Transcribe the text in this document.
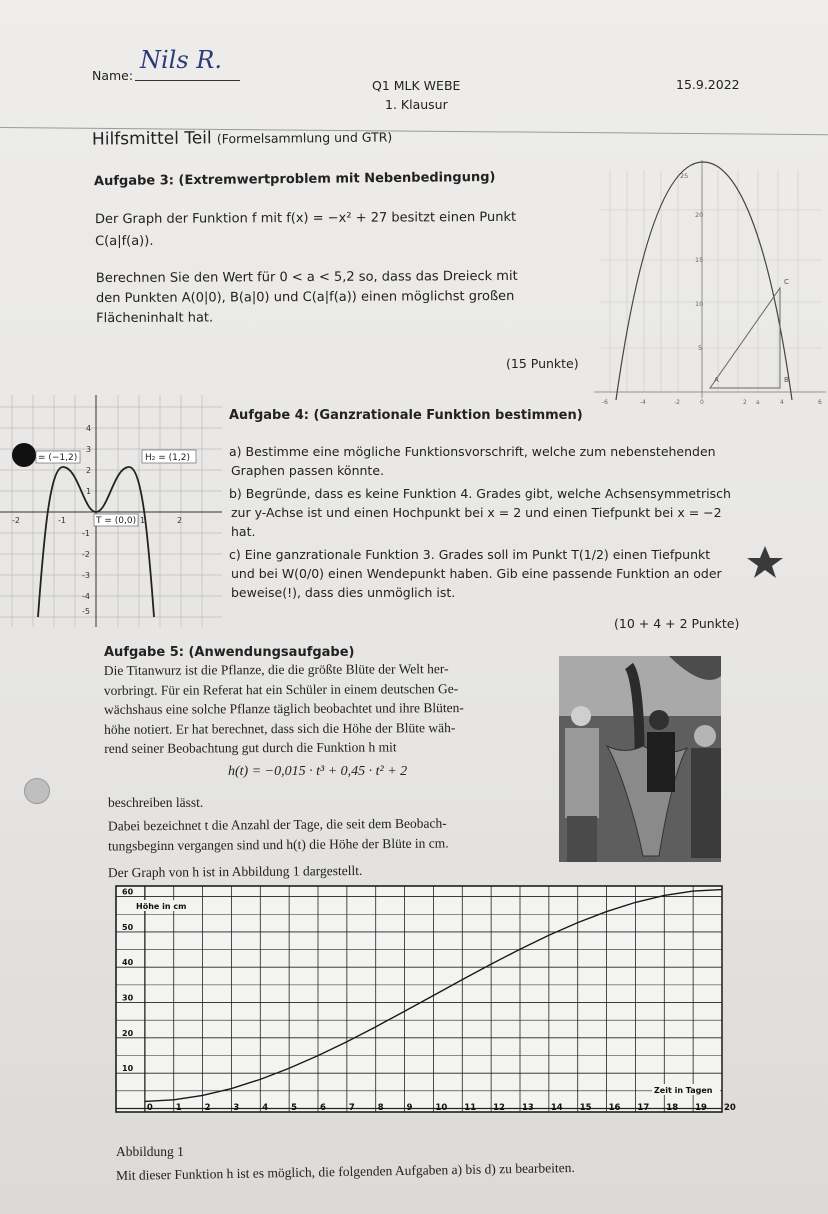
Name:
Nils R.
Q1 MLK WEBE
1. Klausur
15.9.2022
Hilfsmittel Teil (Formelsammlung und GTR)
Aufgabe 3: (Extremwertproblem mit Nebenbedingung)
Der Graph der Funktion f mit f(x) = −x² + 27 besitzt einen Punkt
C(a|f(a)).
Berechnen Sie den Wert für 0 < a < 5,2 so, dass das Dreieck mit
den Punkten A(0|0), B(a|0) und C(a|f(a)) einen möglichst großen
Flächeninhalt hat.
(15 Punkte)
25
20
15
10
5
-6	-4	-2	0	2 a	4	6
A	B
C
= (−1,2)	H₂ = (1,2)
T = (0,0)
4
3
2
1
-1
-2
-3
-4
-5
-2	-1	1	2
Aufgabe 4: (Ganzrationale Funktion bestimmen)
a) Bestimme eine mögliche Funktionsvorschrift, welche zum nebenstehenden
Graphen passen könnte.
b) Begründe, dass es keine Funktion 4. Grades gibt, welche Achsensymmetrisch
zur y-Achse ist und einen Hochpunkt bei x = 2 und einen Tiefpunkt bei x = −2
hat.
c) Eine ganzrationale Funktion 3. Grades soll im Punkt T(1/2) einen Tiefpunkt
und bei W(0/0) einen Wendepunkt haben. Gib eine passende Funktion an oder
beweise(!), dass dies unmöglich ist.
(10 + 4 + 2 Punkte)
Aufgabe 5: (Anwendungsaufgabe)
Die Titanwurz ist die Pflanze, die die größte Blüte der Welt her-
vorbringt. Für ein Referat hat ein Schüler in einem deutschen Ge-
wächshaus eine solche Pflanze täglich beobachtet und ihre Blüten-
höhe notiert. Er hat berechnet, dass sich die Höhe der Blüte wäh-
rend seiner Beobachtung gut durch die Funktion h mit
h(t) = −0,015 · t³ + 0,45 · t² + 2
beschreiben lässt.
Dabei bezeichnet t die Anzahl der Tage, die seit dem Beobach-
tungsbeginn vergangen sind und h(t) die Höhe der Blüte in cm.
Der Graph von h ist in Abbildung 1 dargestellt.
0	1	2	3	4	5	6	7	8	9	10 11 12 13 14 15 16 17 18 19 20
10
20
30
40
50
60
Höhe in cm
Zeit in Tagen
Abbildung 1
Mit dieser Funktion h ist es möglich, die folgenden Aufgaben a) bis d) zu bearbeiten.
